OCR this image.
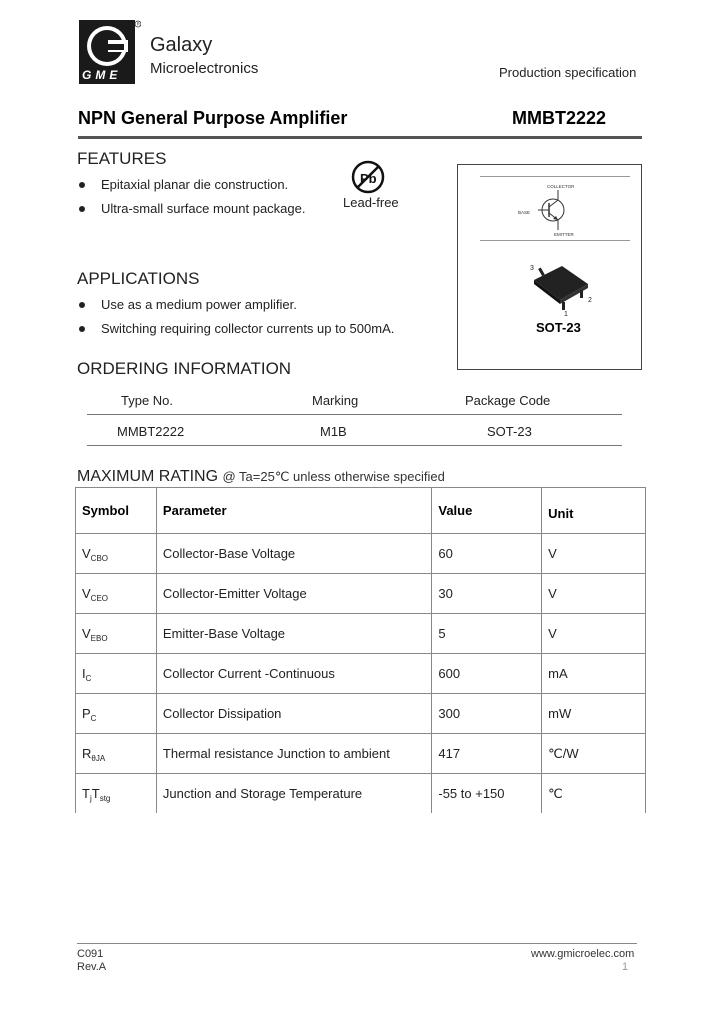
R
GME
Galaxy
Microelectronics	Production specification
NPN General Purpose Amplifier	MMBT2222
FEATURES
Epitaxial planar die construction.
Ultra-small surface mount package.
Pb
Lead-free
COLLECTOR
BASE
EMITTER
3
1
2
SOT-23
APPLICATIONS
Use as a medium power amplifier.
Switching requiring collector currents up to 500mA.
ORDERING INFORMATION
Type No.	Marking	Package Code
MMBT2222	M1B	SOT-23
MAXIMUM RATING @ Ta=25℃ unless otherwise specified
Symbol	Parameter	Value	Unit
$V_{CBO}$	Collector-Base Voltage	60	V
$V_{CEO}$	Collector-Emitter Voltage	30	V
$V_{EBO}$	Emitter-Base Voltage	5	V
$I_C$	Collector Current -Continuous	600	mA
$P_C$	Collector Dissipation	300	mW
$R_{\theta JA}$	Thermal resistance Junction to ambient	417	℃/W
$T_jT_{stg}$	Junction and Storage Temperature	-55 to +150	℃
C091
Rev.A
www.gmicroelec.com
1
